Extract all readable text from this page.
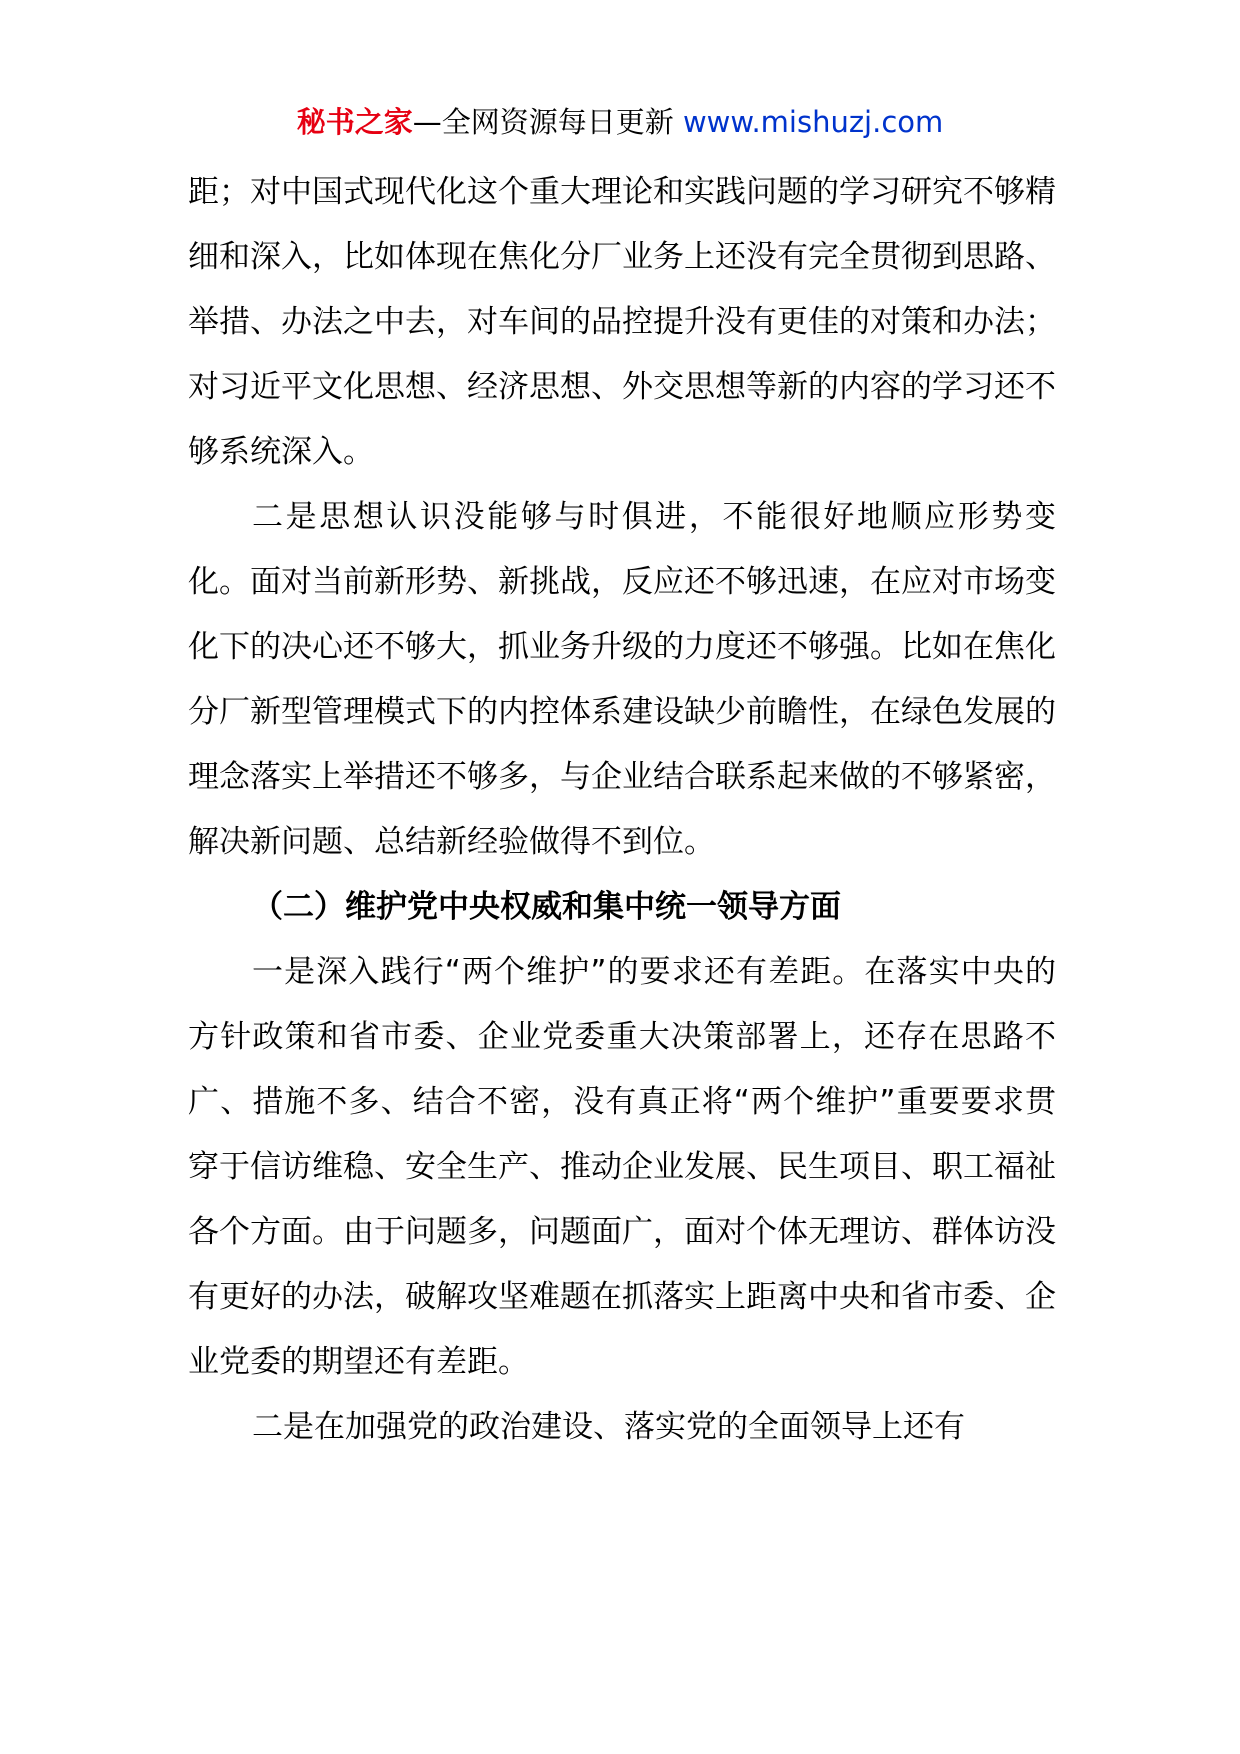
秘书之家—全网资源每日更新 www.mishuzj.com

距；对中国式现代化这个重大理论和实践问题的学习研究不够精细和深入，比如体现在焦化分厂业务上还没有完全贯彻到思路、举措、办法之中去，对车间的品控提升没有更佳的对策和办法；对习近平文化思想、经济思想、外交思想等新的内容的学习还不够系统深入。

二是思想认识没能够与时俱进，不能很好地顺应形势变化。面对当前新形势、新挑战，反应还不够迅速，在应对市场变化下的决心还不够大，抓业务升级的力度还不够强。比如在焦化分厂新型管理模式下的内控体系建设缺少前瞻性，在绿色发展的理念落实上举措还不够多，与企业结合联系起来做的不够紧密，解决新问题、总结新经验做得不到位。

（二）维护党中央权威和集中统一领导方面

一是深入践行“两个维护”的要求还有差距。在落实中央的方针政策和省市委、企业党委重大决策部署上，还存在思路不广、措施不多、结合不密，没有真正将“两个维护”重要要求贯穿于信访维稳、安全生产、推动企业发展、民生项目、职工福祉各个方面。由于问题多，问题面广，面对个体无理访、群体访没有更好的办法，破解攻坚难题在抓落实上距离中央和省市委、企业党委的期望还有差距。

二是在加强党的政治建设、落实党的全面领导上还有
